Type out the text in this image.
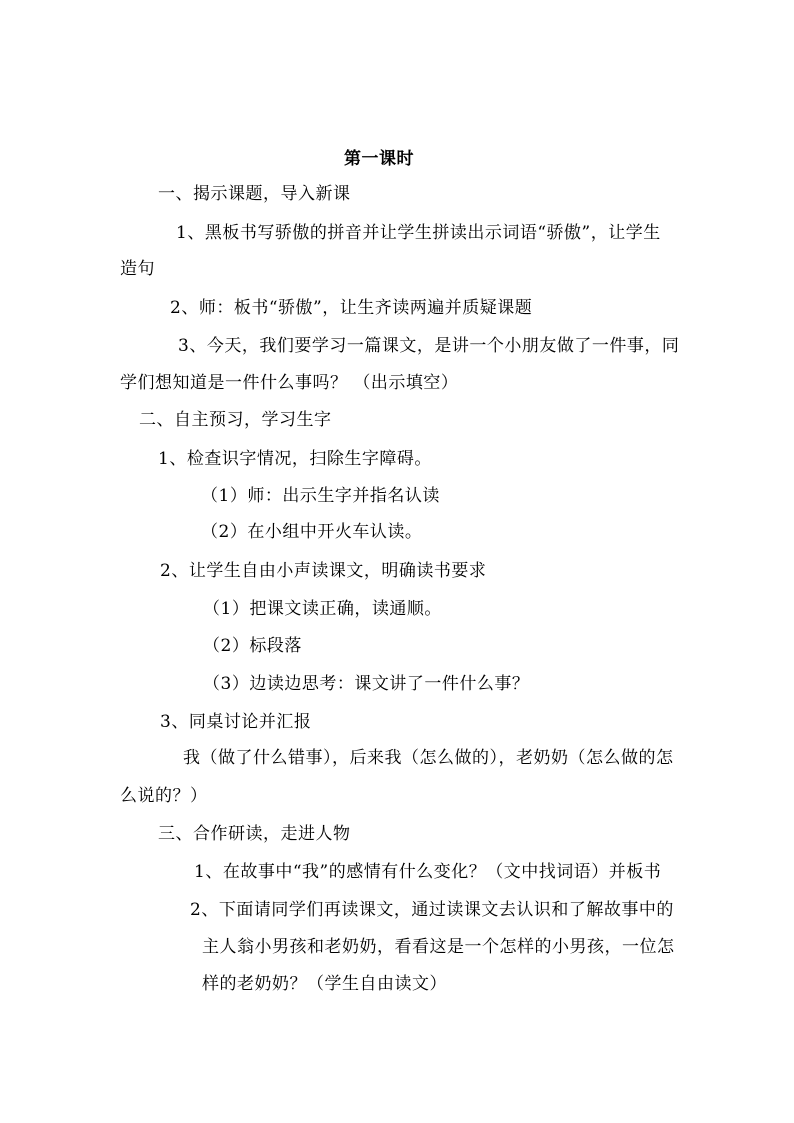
第一课时
一、揭示课题，导入新课
1、黑板书写骄傲的拼音并让学生拼读出示词语“骄傲”，让学生
造句
2、师：板书“骄傲”，让生齐读两遍并质疑课题
3、今天，我们要学习一篇课文，是讲一个小朋友做了一件事，同
学们想知道是一件什么事吗？ （出示填空）
二、自主预习，学习生字
1、检查识字情况，扫除生字障碍。
（1）师：出示生字并指名认读
（2）在小组中开火车认读。
2、让学生自由小声读课文，明确读书要求
（1）把课文读正确，读通顺。
（2）标段落
（3）边读边思考：课文讲了一件什么事？
3、同桌讨论并汇报
我（做了什么错事），后来我（怎么做的），老奶奶（怎么做的怎
么说的？）
三、合作研读，走进人物
1、在故事中“我”的感情有什么变化？（文中找词语）并板书
2、下面请同学们再读课文，通过读课文去认识和了解故事中的
主人翁小男孩和老奶奶，看看这是一个怎样的小男孩，一位怎
样的老奶奶？（学生自由读文）
